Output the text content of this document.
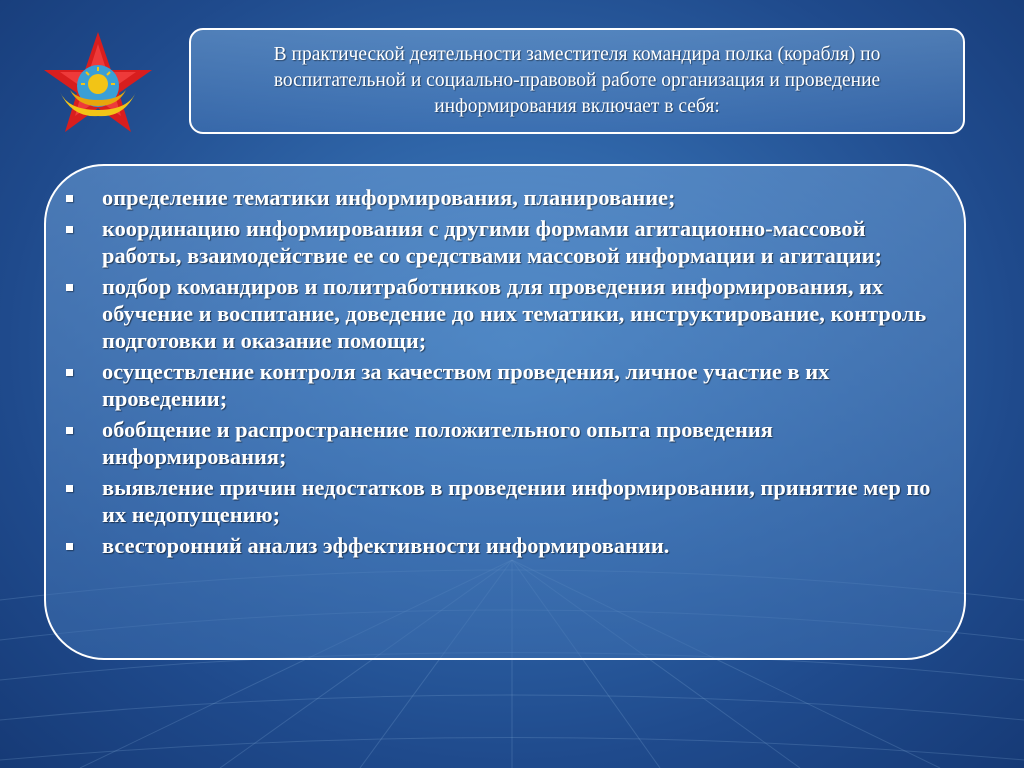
В практической деятельности заместителя командира полка (корабля) по воспитательной и социально-правовой работе организация и проведение информирования включает в себя:

определение тематики информирования, планирование;
координацию информирования с другими формами агитационно-массовой работы, взаимодействие ее со средствами массовой информации и агитации;
подбор командиров и политработников для проведения информирования, их обучение и воспитание, доведение до них тематики, инструктирование, контроль подготовки и оказание помощи;
осуществление контроля за качеством проведения, личное участие в их проведении;
обобщение и распространение положительного опыта проведения информирования;
выявление причин недостатков в проведении информировании, принятие мер по их недопущению;
всесторонний анализ эффективности информировании.
